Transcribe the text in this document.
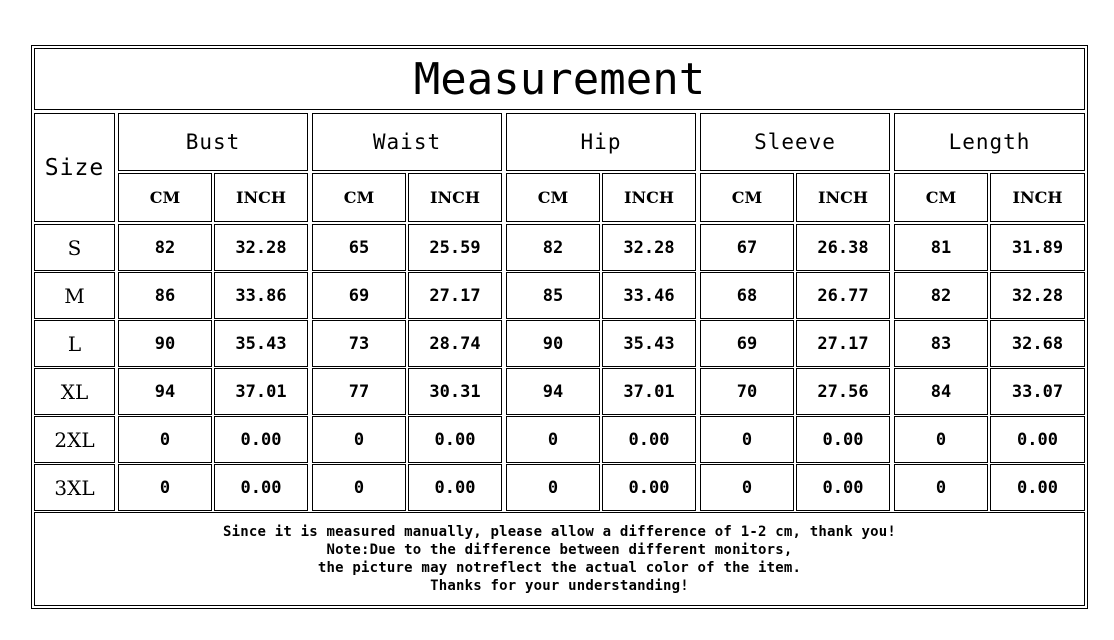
Measurement
Size
Bust	Waist	Hip	Sleeve	Length
CM	INCH	CM	INCH	CM	INCH	CM	INCH	CM	INCH
S	82	32.28	65	25.59	82	32.28	67	26.38	81	31.89
M	86	33.86	69	27.17	85	33.46	68	26.77	82	32.28
L	90	35.43	73	28.74	90	35.43	69	27.17	83	32.68
XL	94	37.01	77	30.31	94	37.01	70	27.56	84	33.07
2XL	0	0.00	0	0.00	0	0.00	0	0.00	0	0.00
3XL	0	0.00	0	0.00	0	0.00	0	0.00	0	0.00
Since it is measured manually, please allow a difference of 1-2 cm, thank you!
Note:Due to the difference between different monitors,
the picture may notreflect the actual color of the item.
Thanks for your understanding!
